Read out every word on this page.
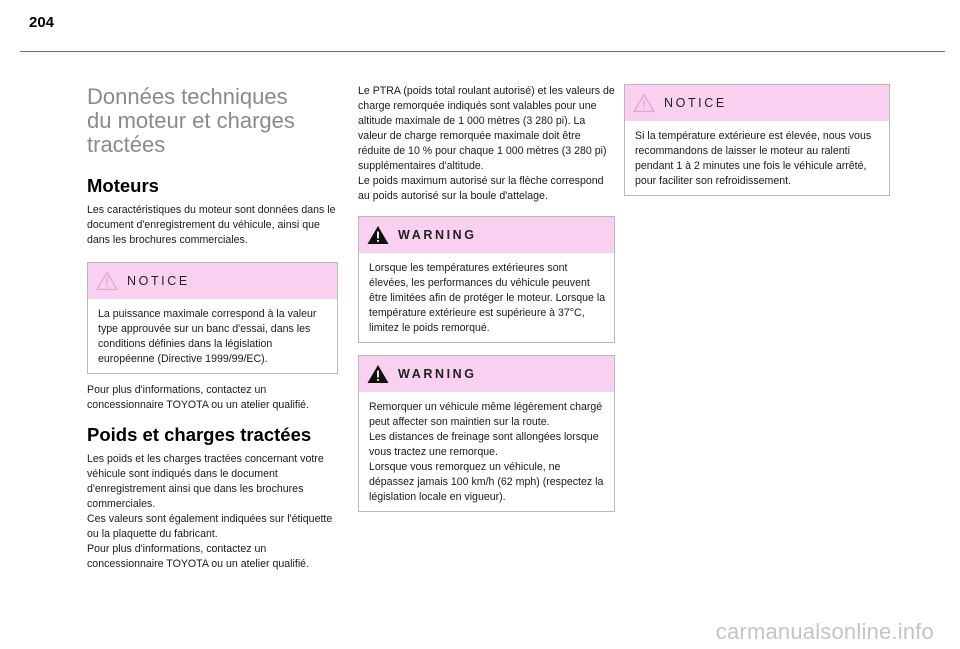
204
Données techniques
du moteur et charges
tractées
Moteurs

Les caractéristiques du moteur sont données dans le document d'enregistrement du véhicule, ainsi que dans les brochures commerciales.

NOTICE
La puissance maximale correspond à la valeur type approuvée sur un banc d'essai, dans les conditions définies dans la législation européenne (Directive 1999/99/EC).

Pour plus d'informations, contactez un concessionnaire TOYOTA ou un atelier qualifié.

Poids et charges tractées

Les poids et les charges tractées concernant votre véhicule sont indiqués dans le document d'enregistrement ainsi que dans les brochures commerciales.
Ces valeurs sont également indiquées sur l'étiquette ou la plaquette du fabricant.
Pour plus d'informations, contactez un concessionnaire TOYOTA ou un atelier qualifié.

Le PTRA (poids total roulant autorisé) et les valeurs de charge remorquée indiqués sont valables pour une altitude maximale de 1 000 mètres (3 280 pi). La valeur de charge remorquée maximale doit être réduite de 10 % pour chaque 1 000 mètres (3 280 pi) supplémentaires d'altitude.
Le poids maximum autorisé sur la flèche correspond au poids autorisé sur la boule d'attelage.

WARNING
Lorsque les températures extérieures sont élevées, les performances du véhicule peuvent être limitées afin de protéger le moteur. Lorsque la température extérieure est supérieure à 37°C, limitez le poids remorqué.
WARNING
Remorquer un véhicule même légèrement chargé peut affecter son maintien sur la route.
Les distances de freinage sont allongées lorsque vous tractez une remorque.
Lorsque vous remorquez un véhicule, ne dépassez jamais 100 km/h (62 mph) (respectez la législation locale en vigueur).
NOTICE
Si la température extérieure est élevée, nous vous recommandons de laisser le moteur au ralenti pendant 1 à 2 minutes une fois le véhicule arrêté, pour faciliter son refroidissement.
carmanualsonline.info
